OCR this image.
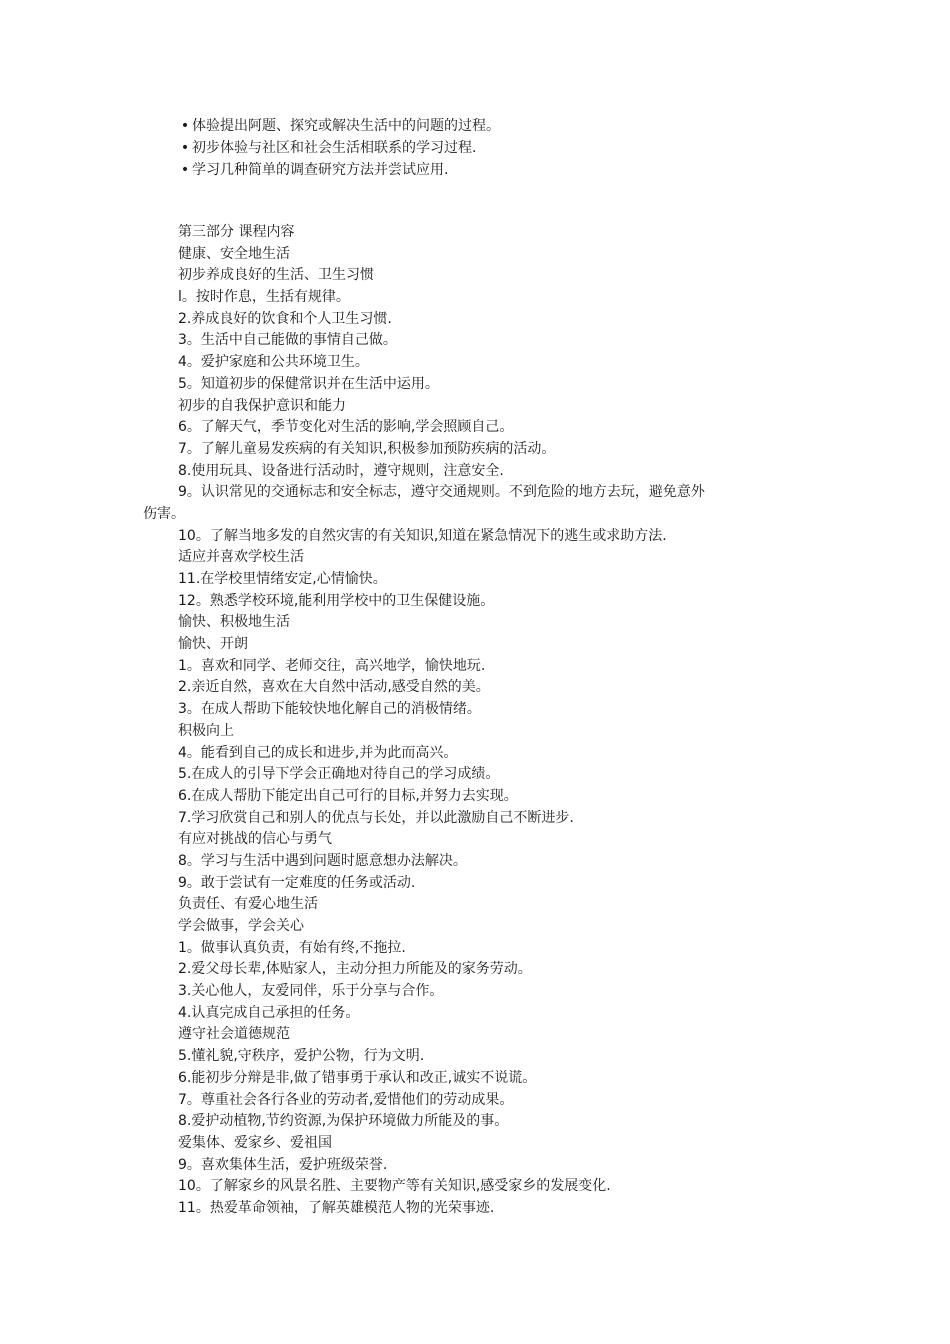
• 体验提出阿题、探究或解决生活中的问题的过程。
• 初步体验与社区和社会生活相联系的学习过程.
• 学习几种简单的调查研究方法并尝试应用.
第三部分 课程内容
健康、安全地生活
初步养成良好的生活、卫生习惯
l。按时作息，生括有规律。
2.养成良好的饮食和个人卫生习惯.
3。生活中自己能做的事情自己做。
4。爱护家庭和公共环境卫生。
5。知道初步的保健常识并在生活中运用。
初步的自我保护意识和能力
6。了解天气，季节变化对生活的影响,学会照顾自己。
7。了解儿童易发疾病的有关知识,积极参加预防疾病的活动。
8.使用玩具、设备进行活动时，遵守规则，注意安全.
9。认识常见的交通标志和安全标志，遵守交通规则。不到危险的地方去玩，避免意外
伤害。
10。了解当地多发的自然灾害的有关知识,知道在紧急情况下的逃生或求助方法.
适应并喜欢学校生活
11.在学校里情绪安定,心情愉快。
12。熟悉学校环境,能利用学校中的卫生保健设施。
愉快、积极地生活
愉快、开朗
1。喜欢和同学、老师交往，高兴地学，愉快地玩.
2.亲近自然，喜欢在大自然中活动,感受自然的美。
3。在成人帮助下能较快地化解自己的消极情绪。
积极向上
4。能看到自己的成长和进步,并为此而高兴。
5.在成人的引导下学会正确地对待自己的学习成绩。
6.在成人帮肋下能定出自己可行的目标,并努力去实现。
7.学习欣赏自己和别人的优点与长处，并以此激励自己不断进步.
有应对挑战的信心与勇气
8。学习与生活中遇到问题时愿意想办法解决。
9。敢于尝试有一定难度的任务或活动.
负责任、有爱心地生活
学会做事，学会关心
1。做事认真负责，有始有终,不拖拉.
2.爱父母长辈,体贴家人，主动分担力所能及的家务劳动。
3.关心他人，友爱同伴，乐于分享与合作。
4.认真完成自己承担的任务。
遵守社会道德规范
5.懂礼貌,守秩序，爱护公物，行为文明.
6.能初步分辩是非,做了错事勇于承认和改正,诚实不说谎。
7。尊重社会各行各业的劳动者,爱惜他们的劳动成果。
8.爱护动植物,节约资源,为保护环境做力所能及的事。
爱集体、爱家乡、爱祖国
9。喜欢集体生活，爱护班级荣誉.
10。了解家乡的风景名胜、主要物产等有关知识,感受家乡的发展变化.
11。热爱革命领袖，了解英雄模范人物的光荣事迹.
